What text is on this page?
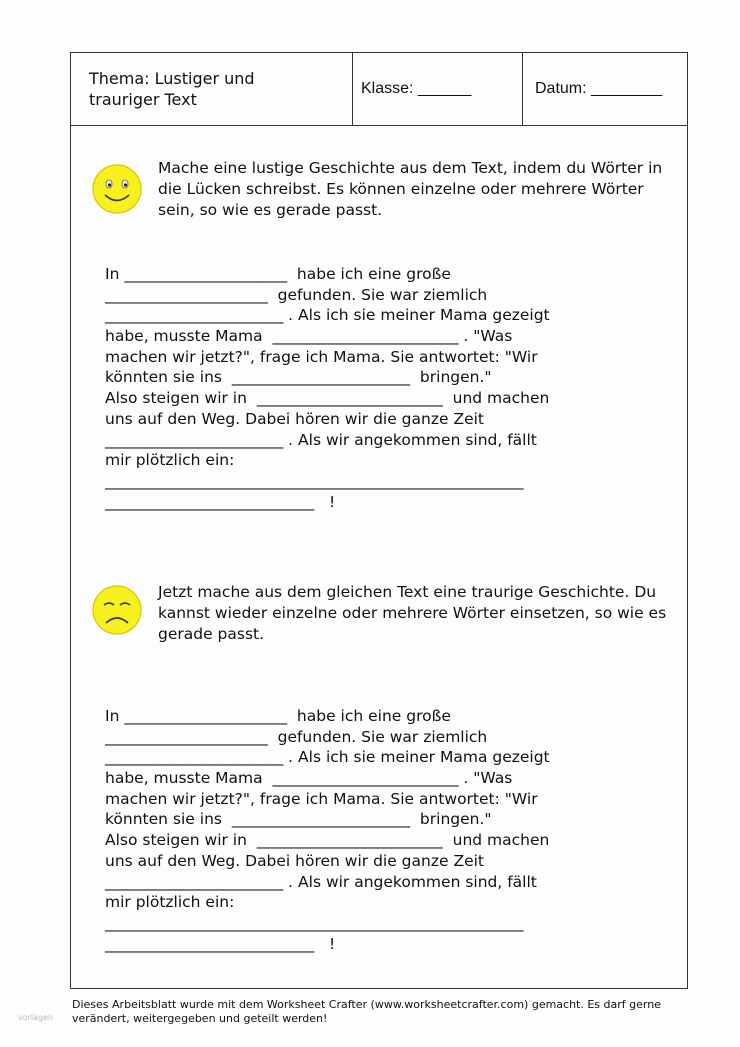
Thema: Lustiger und trauriger Text
Klasse: ______	Datum: ________

Mache eine lustige Geschichte aus dem Text, indem du Wörter in die Lücken schreibst. Es können einzelne oder mehrere Wörter sein, so wie es gerade passt.

In _____________________  habe ich eine große
_____________________  gefunden. Sie war ziemlich
_______________________ . Als ich sie meiner Mama gezeigt
habe, musste Mama  ________________________ . "Was
machen wir jetzt?", frage ich Mama. Sie antwortet: "Wir
könnten sie ins  _______________________  bringen."
Also steigen wir in  ________________________  und machen
uns auf den Weg. Dabei hören wir die ganze Zeit
_______________________ . Als wir angekommen sind, fällt
mir plötzlich ein:
______________________________________________________
___________________________   !

Jetzt mache aus dem gleichen Text eine traurige Geschichte. Du kannst wieder einzelne oder mehrere Wörter einsetzen, so wie es gerade passt.

In _____________________  habe ich eine große
_____________________  gefunden. Sie war ziemlich
_______________________ . Als ich sie meiner Mama gezeigt
habe, musste Mama  ________________________ . "Was
machen wir jetzt?", frage ich Mama. Sie antwortet: "Wir
könnten sie ins  _______________________  bringen."
Also steigen wir in  ________________________  und machen
uns auf den Weg. Dabei hören wir die ganze Zeit
_______________________ . Als wir angekommen sind, fällt
mir plötzlich ein:
______________________________________________________
___________________________   !

Dieses Arbeitsblatt wurde mit dem Worksheet Crafter (www.worksheetcrafter.com) gemacht. Es darf gerne verändert, weitergegeben und geteilt werden!

vorlagen
